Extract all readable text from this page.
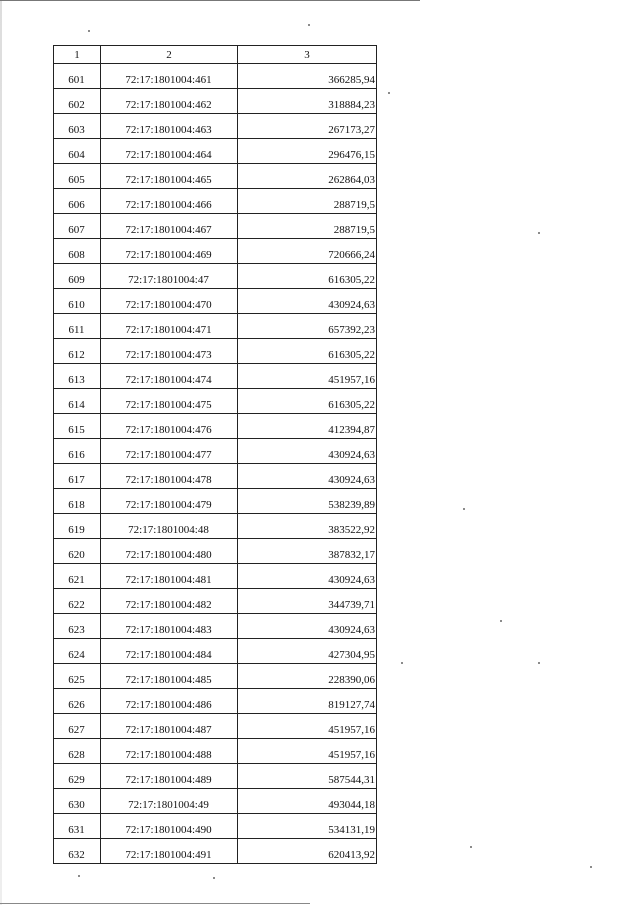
1	2	3
601	72:17:1801004:461	366285,94
602	72:17:1801004:462	318884,23
603	72:17:1801004:463	267173,27
604	72:17:1801004:464	296476,15
605	72:17:1801004:465	262864,03
606	72:17:1801004:466	288719,5
607	72:17:1801004:467	288719,5
608	72:17:1801004:469	720666,24
609	72:17:1801004:47	616305,22
610	72:17:1801004:470	430924,63
611	72:17:1801004:471	657392,23
612	72:17:1801004:473	616305,22
613	72:17:1801004:474	451957,16
614	72:17:1801004:475	616305,22
615	72:17:1801004:476	412394,87
616	72:17:1801004:477	430924,63
617	72:17:1801004:478	430924,63
618	72:17:1801004:479	538239,89
619	72:17:1801004:48	383522,92
620	72:17:1801004:480	387832,17
621	72:17:1801004:481	430924,63
622	72:17:1801004:482	344739,71
623	72:17:1801004:483	430924,63
624	72:17:1801004:484	427304,95
625	72:17:1801004:485	228390,06
626	72:17:1801004:486	819127,74
627	72:17:1801004:487	451957,16
628	72:17:1801004:488	451957,16
629	72:17:1801004:489	587544,31
630	72:17:1801004:49	493044,18
631	72:17:1801004:490	534131,19
632	72:17:1801004:491	620413,92
